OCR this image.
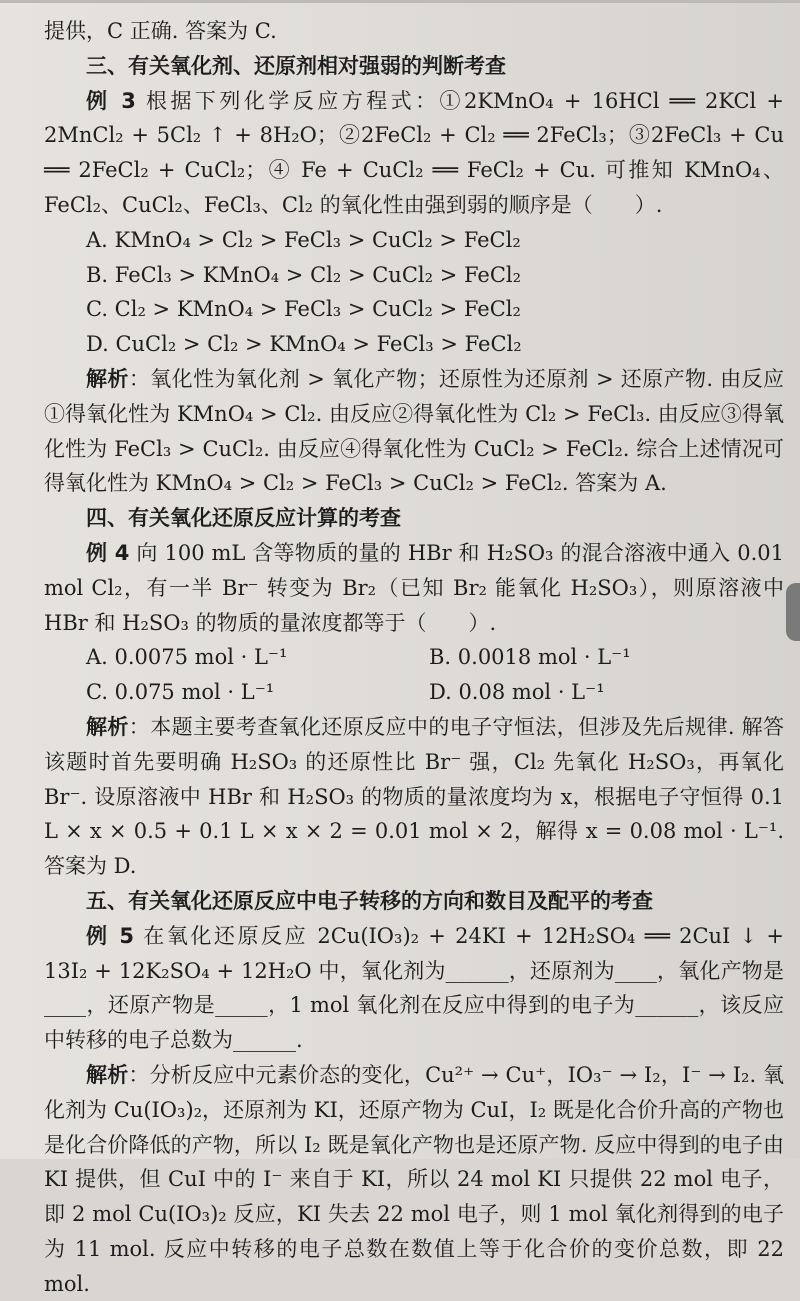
提供，C 正确. 答案为 C.

三、有关氧化剂、还原剂相对强弱的判断考查

例 3 根据下列化学反应方程式：①2KMnO₄ + 16HCl ══ 2KCl + 2MnCl₂ + 5Cl₂ ↑ + 8H₂O；②2FeCl₂ + Cl₂ ══ 2FeCl₃；③2FeCl₃ + Cu ══ 2FeCl₂ + CuCl₂；④ Fe + CuCl₂ ══ FeCl₂ + Cu. 可推知 KMnO₄、FeCl₂、CuCl₂、FeCl₃、Cl₂ 的氧化性由强到弱的顺序是（　　）.

A. KMnO₄ > Cl₂ > FeCl₃ > CuCl₂ > FeCl₂

B. FeCl₃ > KMnO₄ > Cl₂ > CuCl₂ > FeCl₂

C. Cl₂ > KMnO₄ > FeCl₃ > CuCl₂ > FeCl₂

D. CuCl₂ > Cl₂ > KMnO₄ > FeCl₃ > FeCl₂

解析：氧化性为氧化剂 > 氧化产物；还原性为还原剂 > 还原产物. 由反应①得氧化性为 KMnO₄ > Cl₂. 由反应②得氧化性为 Cl₂ > FeCl₃. 由反应③得氧化性为 FeCl₃ > CuCl₂. 由反应④得氧化性为 CuCl₂ > FeCl₂. 综合上述情况可得氧化性为 KMnO₄ > Cl₂ > FeCl₃ > CuCl₂ > FeCl₂. 答案为 A.

四、有关氧化还原反应计算的考查

例 4 向 100 mL 含等物质的量的 HBr 和 H₂SO₃ 的混合溶液中通入 0.01 mol Cl₂，有一半 Br⁻ 转变为 Br₂（已知 Br₂ 能氧化 H₂SO₃），则原溶液中 HBr 和 H₂SO₃ 的物质的量浓度都等于（　　）.

A. 0.0075 mol · L⁻¹	B. 0.0018 mol · L⁻¹
C. 0.075 mol · L⁻¹	D. 0.08 mol · L⁻¹

解析：本题主要考查氧化还原反应中的电子守恒法，但涉及先后规律. 解答该题时首先要明确 H₂SO₃ 的还原性比 Br⁻ 强，Cl₂ 先氧化 H₂SO₃，再氧化 Br⁻. 设原溶液中 HBr 和 H₂SO₃ 的物质的量浓度均为 x，根据电子守恒得 0.1 L × x × 0.5 + 0.1 L × x × 2 = 0.01 mol × 2，解得 x = 0.08 mol · L⁻¹. 答案为 D.

五、有关氧化还原反应中电子转移的方向和数目及配平的考查

例 5 在氧化还原反应 2Cu(IO₃)₂ + 24KI + 12H₂SO₄ ══ 2CuI ↓ + 13I₂ + 12K₂SO₄ + 12H₂O 中，氧化剂为______，还原剂为____，氧化产物是____，还原产物是_____，1 mol 氧化剂在反应中得到的电子为______，该反应中转移的电子总数为______.

解析：分析反应中元素价态的变化，Cu²⁺ → Cu⁺，IO₃⁻ → I₂，I⁻ → I₂. 氧化剂为 Cu(IO₃)₂，还原剂为 KI，还原产物为 CuI，I₂ 既是化合价升高的产物也是化合价降低的产物，所以 I₂ 既是氧化产物也是还原产物. 反应中得到的电子由 KI 提供，但 CuI 中的 I⁻ 来自于 KI，所以 24 mol KI 只提供 22 mol 电子，即 2 mol Cu(IO₃)₂ 反应，KI 失去 22 mol 电子，则 1 mol 氧化剂得到的电子为 11 mol. 反应中转移的电子总数在数值上等于化合价的变价总数，即 22 mol.
